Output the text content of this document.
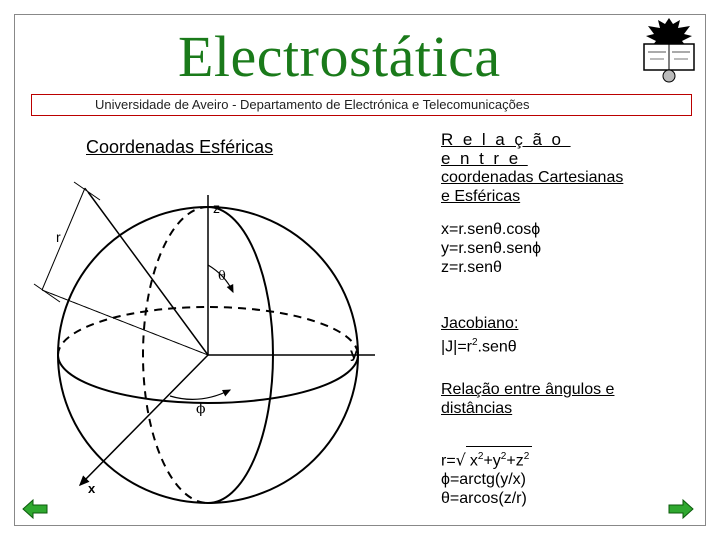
Electrostática
Universidade de Aveiro - Departamento de Electrónica e Telecomunicações
Coordenadas Esféricas
z
y
x
r
θ
ϕ
Relação entre
coordenadas Cartesianas
e Esféricas
x=r.senθ.cosϕ
y=r.senθ.senϕ
z=r.senθ
Jacobiano:
$|J|=r^2.sen\theta$
Relação entre ângulos e distâncias
r=√ $x^2+y^2+z^2$
ϕ=arctg(y/x)
θ=arcos(z/r)
